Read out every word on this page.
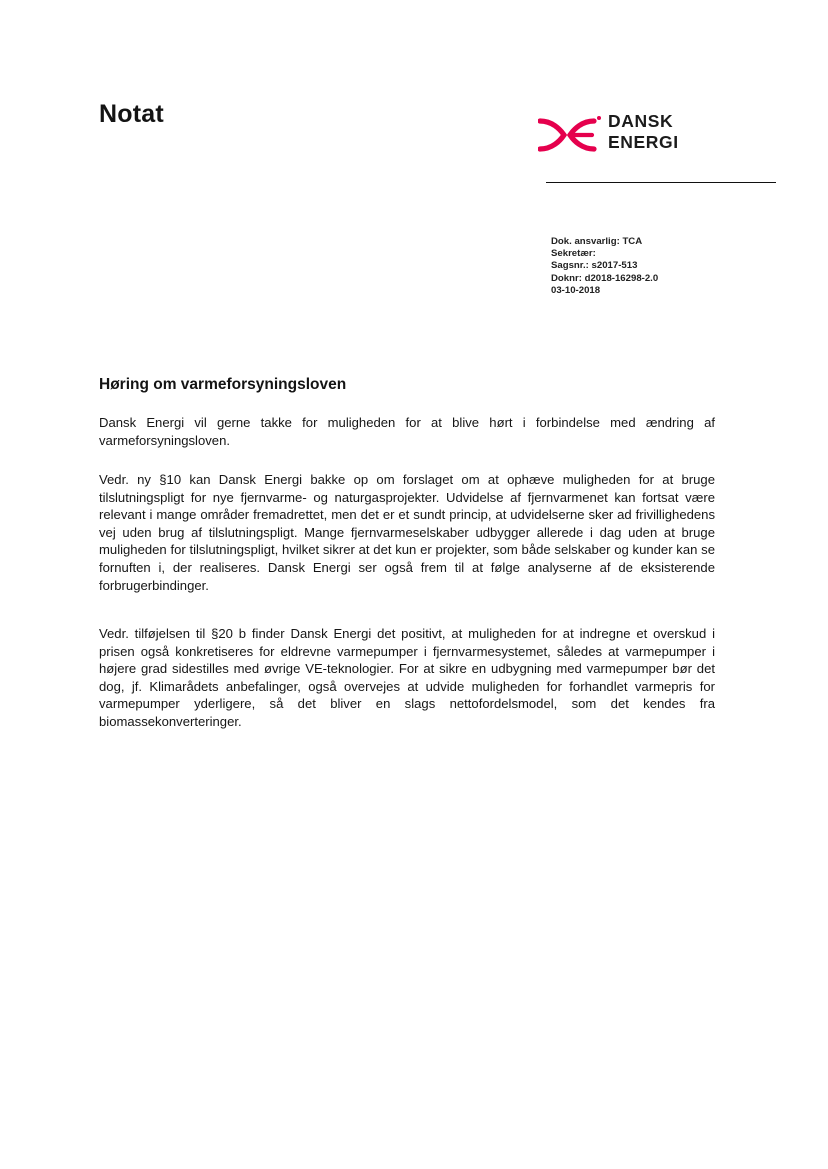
Notat	DANSK
ENERGI
Dok. ansvarlig: TCA
Sekretær:
Sagsnr.: s2017-513
Doknr: d2018-16298-2.0
03-10-2018
Høring om varmeforsyningsloven
Dansk Energi vil gerne takke for muligheden for at blive hørt i forbindelse med ændring af varmeforsyningsloven.
Vedr. ny §10 kan Dansk Energi bakke op om forslaget om at ophæve muligheden for at bruge tilslutningspligt for nye fjernvarme- og naturgasprojekter. Udvidelse af fjernvarmenet kan fortsat være relevant i mange områder fremadrettet, men det er et sundt princip, at udvidelserne sker ad frivillighedens vej uden brug af tilslutningspligt. Mange fjernvarmeselskaber udbygger allerede i dag uden at bruge muligheden for tilslutningspligt, hvilket sikrer at det kun er projekter, som både selskaber og kunder kan se fornuften i, der realiseres. Dansk Energi ser også frem til at følge analyserne af de eksisterende forbrugerbindinger.
Vedr. tilføjelsen til §20 b finder Dansk Energi det positivt, at muligheden for at indregne et overskud i prisen også konkretiseres for eldrevne varmepumper i fjernvarmesystemet, således at varmepumper i højere grad sidestilles med øvrige VE-teknologier. For at sikre en udbygning med varmepumper bør det dog, jf. Klimarådets anbefalinger, også overvejes at udvide muligheden for forhandlet varmepris for varmepumper yderligere, så det bliver en slags nettofordelsmodel, som det kendes fra biomassekonverteringer.
